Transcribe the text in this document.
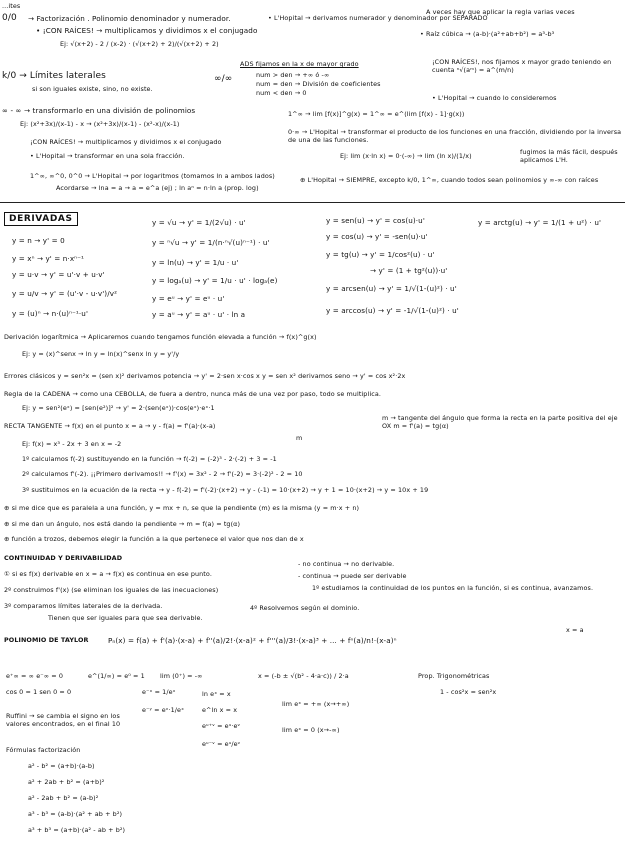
...ites
0/0 → Factorización . Polinomio denominador y numerador.
• ¡CON RAÍCES! → multiplicamos y dividimos x el conjugado
Ej: √(x+2) - 2 / (x-2) · (√(x+2) + 2)/(√(x+2) + 2)
• L'Hopital → derivamos numerador y denominador por SEPARADO
A veces hay que aplicar la regla varias veces
• Raíz cúbica → (a-b)·(a²+ab+b²) = a³-b³
k/0 → Límites laterales
si son iguales existe, sino, no existe.
∞/∞
ADS fijamos en la x de mayor grado
num > den → +∞ ó -∞
num = den → División de coeficientes
num < den → 0
¡CON RAÍCES!, nos fijamos x mayor grado teniendo en cuenta ⁿ√(aᵐ) = a^(m/n)
• L'Hopital → cuando lo consideremos
∞ - ∞ → transformarlo en una división de polinomios
Ej: (x²+3x)/(x-1) - x → (x²+3x)/(x-1) - (x²-x)/(x-1)
¡CON RAÍCES! → multiplicamos y dividimos x el conjugado
• L'Hopital → transformar en una sola fracción.
1^∞ → lim [f(x)]^g(x) = 1^∞ = e^(lim [f(x) - 1]·g(x))
0·∞ → L'Hopital → transformar el producto de los funciones en una fracción, dividiendo por la inversa de una de las funciones.
Ej: lim (x·ln x) = 0·(-∞) → lim (ln x)/(1/x)	fugimos la más fácil, después aplicamos L'H.
1^∞, ∞^0, 0^0 → L'Hopital → por logaritmos (tomamos ln a ambos lados)
Acordarse → lna = a → a = e^a (ej) ; ln aⁿ = n·ln a (prop. log)
⊕ L'Hopital → SIEMPRE, excepto k/0, 1^∞, cuando todos sean polinomios y ∞-∞ con raíces
DERIVADAS
y = n → y' = 0
y = xⁿ → y' = n·xⁿ⁻¹
y = u·v → y' = u'·v + u·v'
y = u/v → y' = (u'·v - u·v')/v²
y = (u)ⁿ → n·(u)ⁿ⁻¹·u'
y = √u → y' = 1/(2√u) · u'
y = ⁿ√u → y' = 1/(n·ⁿ√(u)ⁿ⁻¹) · u'
y = ln(u) → y' = 1/u · u'
y = logₐ(u) → y' = 1/u · u' · logₐ(e)
y = eᵘ → y' = eᵘ · u'
y = aᵘ → y' = aᵘ · u' · ln a
y = sen(u) → y' = cos(u)·u'
y = cos(u) → y' = -sen(u)·u'
y = tg(u) → y' = 1/cos²(u) · u'
→ y' = (1 + tg²(u))·u'
y = arcsen(u) → y' = 1/√(1-(u)²) · u'
y = arccos(u) → y' = -1/√(1-(u)²) · u'
y = arctg(u) → y' = 1/(1 + u²) · u'
Derivación logarítmica → Aplicaremos cuando tengamos función elevada a función → f(x)^g(x)
Ej: y = (x)^senx → ln y = ln(x)^senx ln y = y'/y
Errores clásicos y = sen²x = (sen x)² derivamos potencia → y' = 2·sen x·cos x y = sen x² derivamos seno → y' = cos x²·2x
Regla de la CADENA → como una CEBOLLA, de fuera a dentro, nunca más de una vez por paso, todo se multiplica.
Ej: y = sen²(eˣ) = [sen(e²)]² → y' = 2·(sen(eˣ))·cos(eˣ)·eˣ·1
RECTA TANGENTE → f(x) en el punto x = a → y - f(a) = f'(a)·(x-a)
m
m → tangente del ángulo que forma la recta en la parte positiva del eje OX m = f'(a) = tg(α)
Ej: f(x) = x³ - 2x + 3 en x = -2
1º calculamos f(-2) sustituyendo en la función → f(-2) = (-2)³ - 2·(-2) + 3 = -1
2º calculamos f'(-2). ¡¡Primero derivamos!! → f'(x) = 3x² - 2 → f'(-2) = 3·(-2)² - 2 = 10
3º sustituimos en la ecuación de la recta → y - f(-2) = f'(-2)·(x+2) → y - (-1) = 10·(x+2) → y + 1 = 10·(x+2) → y = 10x + 19
⊕ si me dice que es paralela a una función, y = mx + n, se que la pendiente (m) es la misma (y = m·x + n)
⊕ si me dan un ángulo, nos está dando la pendiente → m = f(a) = tg(α)
⊕ función a trozos, debemos elegir la función a la que pertenece el valor que nos dan de x
CONTINUIDAD Y DERIVABILIDAD
① si es f(x) derivable en x = a → f(x) es continua en ese punto.
- no continua → no derivable.
- continua → puede ser derivable
2º construimos f'(x) (se eliminan los iguales de las inecuaciones)	1º estudiamos la continuidad de los puntos en la función, si es continua, avanzamos.
3º comparamos límites laterales de la derivada.	4º Resolvemos según el dominio.
Tienen que ser iguales para que sea derivable.
POLINOMIO DE TAYLOR	Pₙ(x) = f(a) + f'(a)·(x-a) + f''(a)/2!·(x-a)² + f'''(a)/3!·(x-a)³ + ... + fⁿ(a)/n!·(x-a)ⁿ
x = a
e⁺∞ = ∞ e⁻∞ = 0
cos 0 = 1 sen 0 = 0
e^(1/∞) = e⁰ = 1 lim (0⁺) = -∞
e⁻ˣ = 1/eˣ
e⁻ʸ = eᵛ·1/eˣ
ln eˣ = x
e^ln x = x
eᵘ⁺ᵛ = eᵘ·eᵛ
eᵘ⁻ᵛ = eᵘ/eᵛ
x = (-b ± √(b² - 4·a·c)) / 2·a
lim eˣ = +∞ (x→+∞)
lim eˣ = 0 (x→-∞)
Ruffini → se cambia el signo en los valores encontrados, en el final 10
Prop. Trigonométricas
1 - cos²x = sen²x
Fórmulas factorización
a² - b² = (a+b)·(a-b)
a² + 2ab + b² = (a+b)²
a² - 2ab + b² = (a-b)²
a³ - b³ = (a-b)·(a² + ab + b²)
a³ + b³ = (a+b)·(a² - ab + b²)
